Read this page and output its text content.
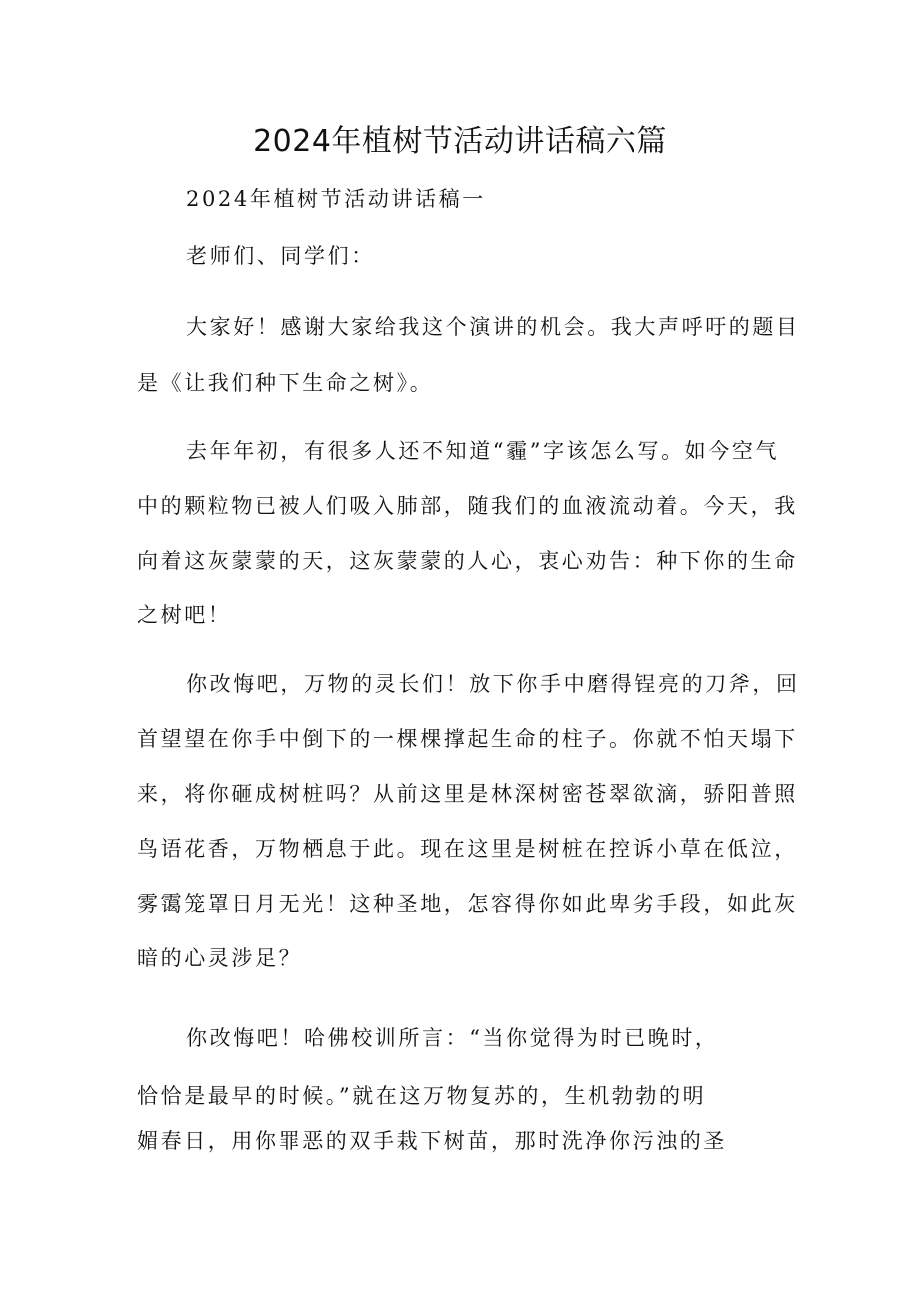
2024年植树节活动讲话稿六篇
2024年植树节活动讲话稿一
老师们、同学们：
大家好！感谢大家给我这个演讲的机会。我大声呼吁的题目
是《让我们种下生命之树》。
去年年初，有很多人还不知道“霾”字该怎么写。如今空气
中的颗粒物已被人们吸入肺部，随我们的血液流动着。今天，我
向着这灰蒙蒙的天，这灰蒙蒙的人心，衷心劝告：种下你的生命
之树吧！
你改悔吧，万物的灵长们！放下你手中磨得锃亮的刀斧，回
首望望在你手中倒下的一棵棵撑起生命的柱子。你就不怕天塌下
来，将你砸成树桩吗？从前这里是林深树密苍翠欲滴，骄阳普照
鸟语花香，万物栖息于此。现在这里是树桩在控诉小草在低泣，
雾霭笼罩日月无光！这种圣地，怎容得你如此卑劣手段，如此灰
暗的心灵涉足？
你改悔吧！哈佛校训所言：“当你觉得为时已晚时，
恰恰是最早的时候。”就在这万物复苏的，生机勃勃的明
媚春日，用你罪恶的双手栽下树苗，那时洗净你污浊的圣
